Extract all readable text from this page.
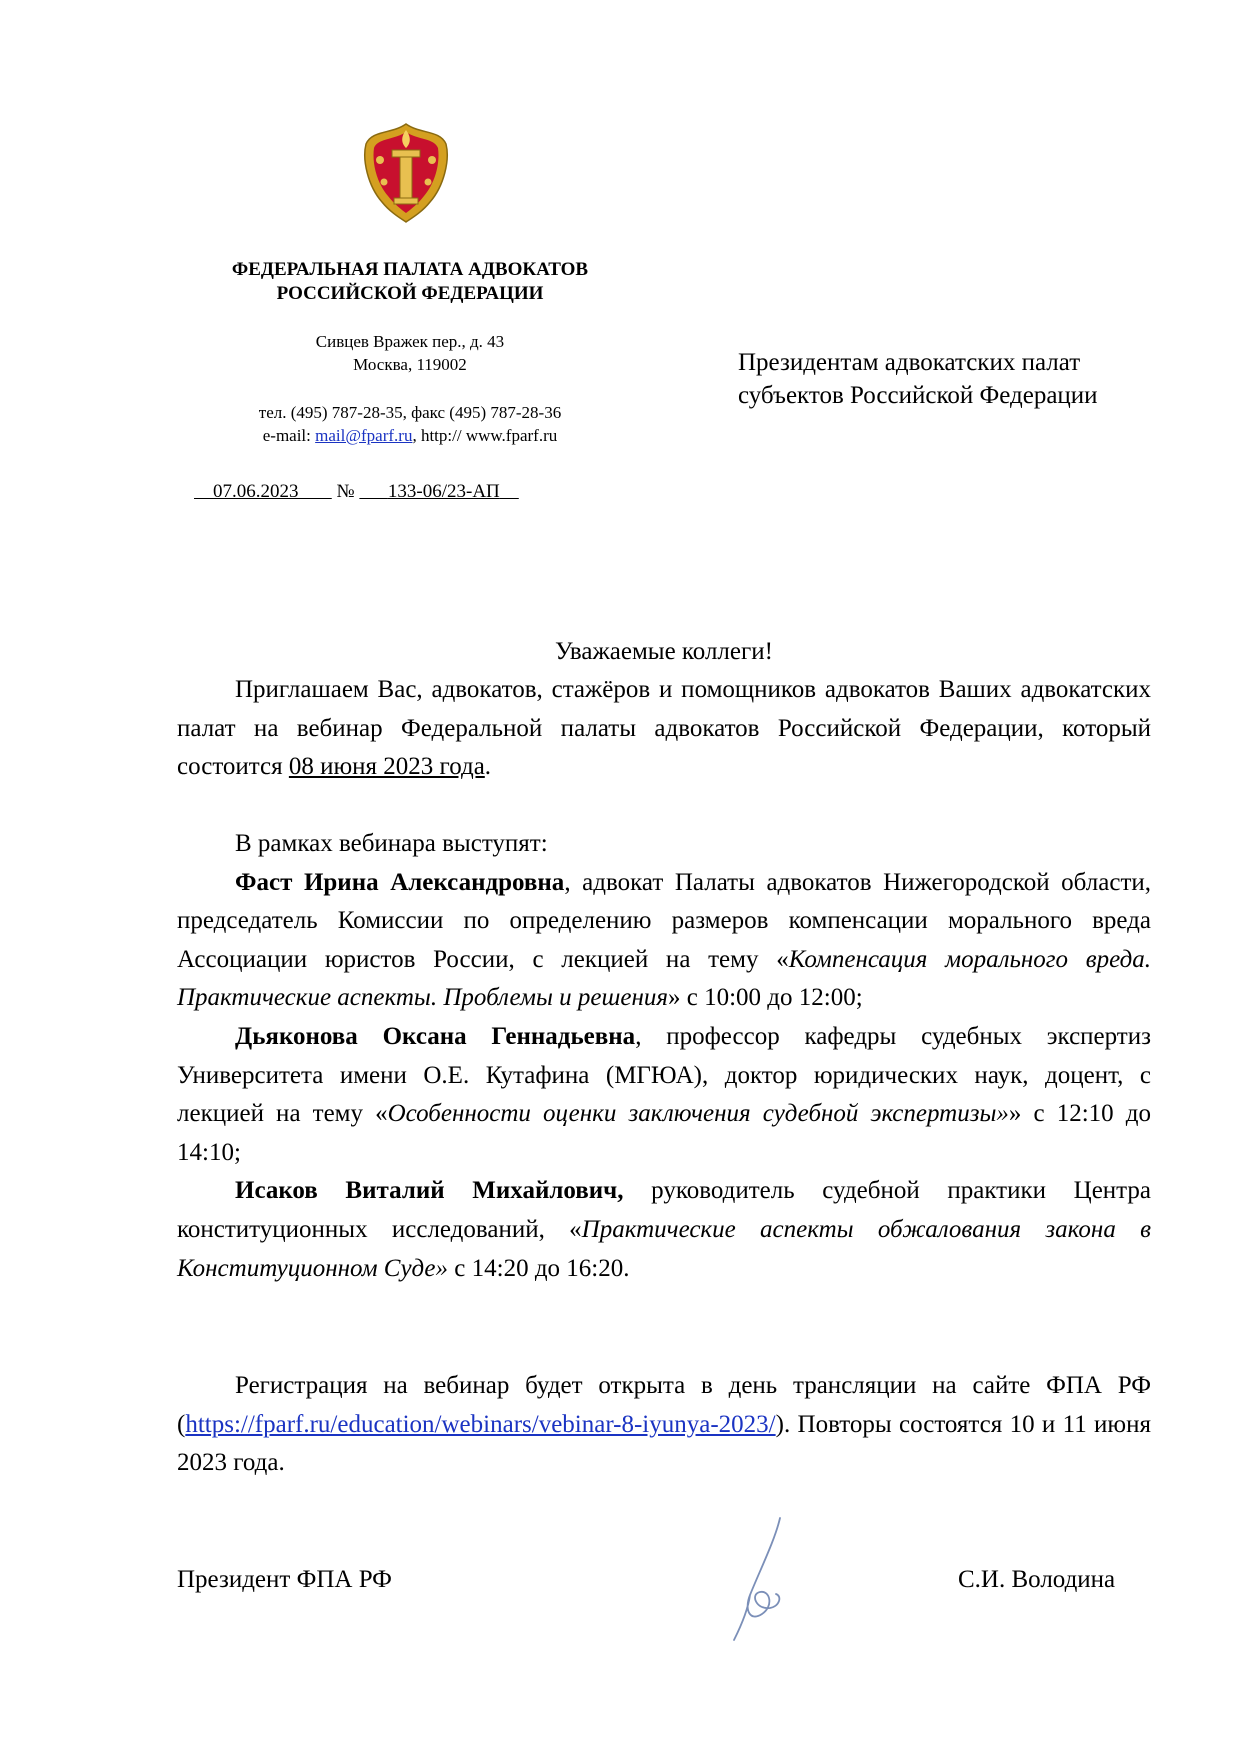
ФЕДЕРАЛЬНАЯ ПАЛАТА АДВОКАТОВ
РОССИЙСКОЙ ФЕДЕРАЦИИ
Сивцев Вражек пер., д. 43
Москва, 119002
тел. (495) 787-28-35, факс (495) 787-28-36
e-mail: mail@fparf.ru, http:// www.fparf.ru
07.06.2023 № 133-06/23-АП
Президентам адвокатских палат
субъектов Российской Федерации
Уважаемые коллеги!

Приглашаем Вас, адвокатов, стажёров и помощников адвокатов Ваших адвокатских палат на вебинар Федеральной палаты адвокатов Российской Федерации, который состоится 08 июня 2023 года.

В рамках вебинара выступят:

Фаст Ирина Александровна, адвокат Палаты адвокатов Нижегородской области, председатель Комиссии по определению размеров компенсации морального вреда Ассоциации юристов России, с лекцией на тему «Компенсация морального вреда. Практические аспекты. Проблемы и решения» с 10:00 до 12:00;

Дьяконова Оксана Геннадьевна, профессор кафедры судебных экспертиз Университета имени О.Е. Кутафина (МГЮА), доктор юридических наук, доцент, с лекцией на тему «Особенности оценки заключения судебной экспертизы»» с 12:10 до 14:10;

Исаков Виталий Михайлович, руководитель судебной практики Центра конституционных исследований, «Практические аспекты обжалования закона в Конституционном Суде» с 14:20 до 16:20.

Регистрация на вебинар будет открыта в день трансляции на сайте ФПА РФ (https://fparf.ru/education/webinars/vebinar-8-iyunya-2023/). Повторы состоятся 10 и 11 июня 2023 года.

Президент ФПА РФ	С.И. Володина
